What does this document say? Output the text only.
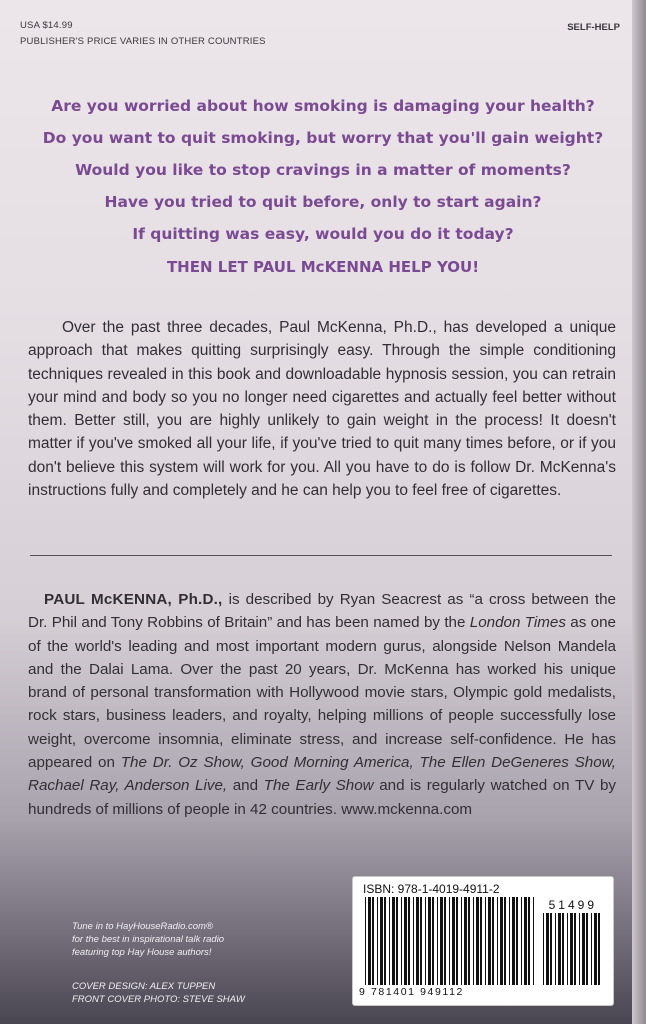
USA $14.99
PUBLISHER'S PRICE VARIES IN OTHER COUNTRIES
SELF-HELP
Are you worried about how smoking is damaging your health?
Do you want to quit smoking, but worry that you'll gain weight?
Would you like to stop cravings in a matter of moments?
Have you tried to quit before, only to start again?
If quitting was easy, would you do it today?
THEN LET PAUL McKENNA HELP YOU!
Over the past three decades, Paul McKenna, Ph.D., has developed a unique approach that makes quitting surprisingly easy. Through the simple conditioning techniques revealed in this book and downloadable hypnosis session, you can retrain your mind and body so you no longer need cigarettes and actually feel better without them. Better still, you are highly unlikely to gain weight in the process! It doesn't matter if you've smoked all your life, if you've tried to quit many times before, or if you don't believe this system will work for you. All you have to do is follow Dr. McKenna's instructions fully and completely and he can help you to feel free of cigarettes.
PAUL McKENNA, Ph.D., is described by Ryan Seacrest as “a cross between the Dr. Phil and Tony Robbins of Britain” and has been named by the London Times as one of the world's leading and most important modern gurus, alongside Nelson Mandela and the Dalai Lama. Over the past 20 years, Dr. McKenna has worked his unique brand of personal transformation with Hollywood movie stars, Olympic gold medalists, rock stars, business leaders, and royalty, helping millions of people successfully lose weight, overcome insomnia, eliminate stress, and increase self-confidence. He has appeared on The Dr. Oz Show, Good Morning America, The Ellen DeGeneres Show, Rachael Ray, Anderson Live, and The Early Show and is regularly watched on TV by hundreds of millions of people in 42 countries. www.mckenna.com
Tune in to HayHouseRadio.com®
for the best in inspirational talk radio
featuring top Hay House authors!
COVER DESIGN: ALEX TUPPEN
FRONT COVER PHOTO: STEVE SHAW
ISBN: 978-1-4019-4911-2
51499
9 781401 949112
